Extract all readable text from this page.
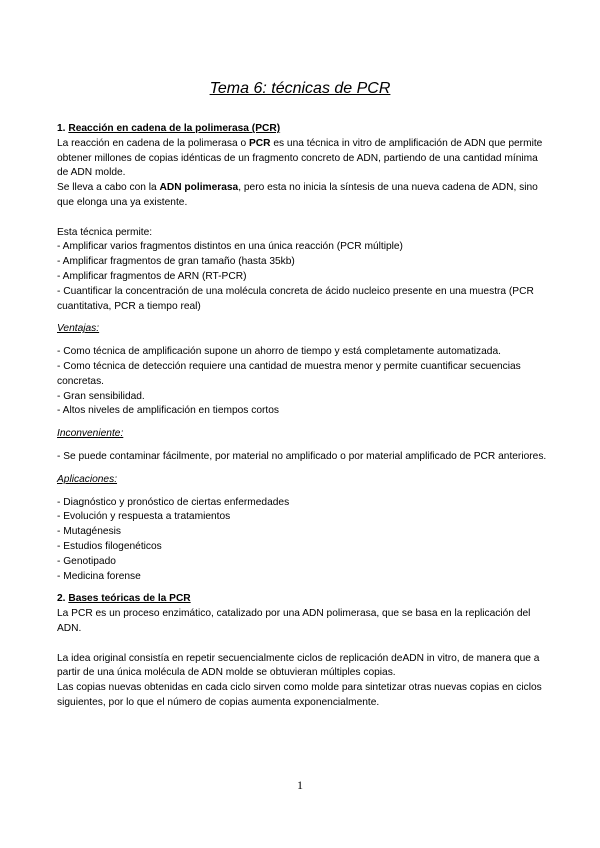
Tema 6: técnicas de PCR

1. Reacción en cadena de la polimerasa (PCR)

La reacción en cadena de la polimerasa o PCR es una técnica in vitro de amplificación de ADN que permite obtener millones de copias idénticas de un fragmento concreto de ADN, partiendo de una cantidad mínima de ADN molde.

Se lleva a cabo con la ADN polimerasa, pero esta no inicia la síntesis de una nueva cadena de ADN, sino que elonga una ya existente.

Esta técnica permite:

- Amplificar varios fragmentos distintos en una única reacción (PCR múltiple)

- Amplificar fragmentos de gran tamaño (hasta 35kb)

- Amplificar fragmentos de ARN (RT-PCR)

- Cuantificar la concentración de una molécula concreta de ácido nucleico presente en una muestra (PCR cuantitativa, PCR a tiempo real)

Ventajas:

- Como técnica de amplificación supone un ahorro de tiempo y está completamente automatizada.

- Como técnica de detección requiere una cantidad de muestra menor y permite cuantificar secuencias concretas.

- Gran sensibilidad.

- Altos niveles de amplificación en tiempos cortos

Inconveniente:

- Se puede contaminar fácilmente, por material no amplificado o por material amplificado de PCR anteriores.

Aplicaciones:

- Diagnóstico y pronóstico de ciertas enfermedades

- Evolución y respuesta a tratamientos

- Mutagénesis

- Estudios filogenéticos

- Genotipado

- Medicina forense

2. Bases teóricas de la PCR

La PCR es un proceso enzimático, catalizado por una ADN polimerasa, que se basa en la replicación del ADN.

La idea original consistía en repetir secuencialmente ciclos de replicación deADN in vitro, de manera que a partir de una única molécula de ADN molde se obtuvieran múltiples copias.

Las copias nuevas obtenidas en cada ciclo sirven como molde para sintetizar otras nuevas copias en ciclos siguientes, por lo que el número de copias aumenta exponencialmente.

1
